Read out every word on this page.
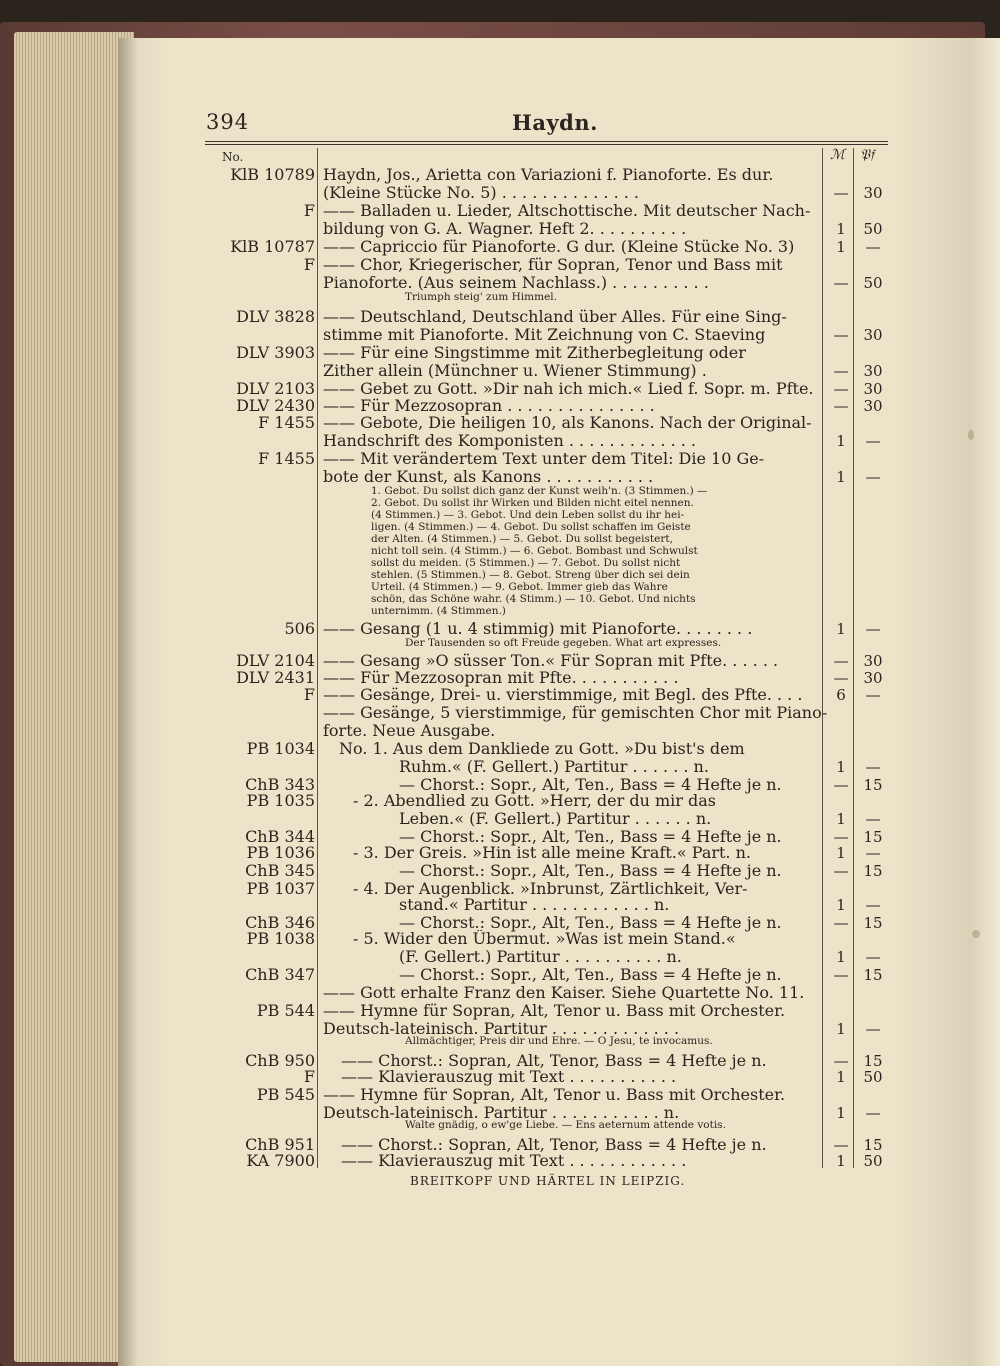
394	Haydn.
No.	ℳ 𝔓𝔣
KlB 10789 Haydn, Jos., Arietta con Variazioni f. Pianoforte. Es dur.
(Kleine Stücke No. 5) . . . . . . . . . . . . . .	— 30
F —— Balladen u. Lieder, Altschottische. Mit deutscher Nach-
bildung von G. A. Wagner. Heft 2. . . . . . . . . .	1	50
KlB 10787 —— Capriccio für Pianoforte. G dur. (Kleine Stücke No. 3)	1	—
F —— Chor, Kriegerischer, für Sopran, Tenor und Bass mit
Pianoforte. (Aus seinem Nachlass.) . . . . . . . . . .	— 50
Triumph steig' zum Himmel.
DLV 3828 —— Deutschland, Deutschland über Alles. Für eine Sing-
stimme mit Pianoforte. Mit Zeichnung von C. Staeving	— 30
DLV 3903 —— Für eine Singstimme mit Zitherbegleitung oder
Zither allein (Münchner u. Wiener Stimmung) .	— 30
DLV 2103 —— Gebet zu Gott. »Dir nah ich mich.« Lied f. Sopr. m. Pfte.	— 30
DLV 2430 —— Für Mezzosopran . . . . . . . . . . . . . . .	— 30
F 1455 —— Gebote, Die heiligen 10, als Kanons. Nach der Original-
Handschrift des Komponisten . . . . . . . . . . . . .	1	—
F 1455 —— Mit verändertem Text unter dem Titel: Die 10 Ge-
bote der Kunst, als Kanons . . . . . . . . . . .	1	—
1. Gebot. Du sollst dich ganz der Kunst weih'n. (3 Stimmen.) —
2. Gebot. Du sollst ihr Wirken und Bilden nicht eitel nennen.
(4 Stimmen.) — 3. Gebot. Und dein Leben sollst du ihr hei-
ligen. (4 Stimmen.) — 4. Gebot. Du sollst schaffen im Geiste
der Alten. (4 Stimmen.) — 5. Gebot. Du sollst begeistert,
nicht toll sein. (4 Stimm.) — 6. Gebot. Bombast und Schwulst
sollst du meiden. (5 Stimmen.) — 7. Gebot. Du sollst nicht
stehlen. (5 Stimmen.) — 8. Gebot. Streng über dich sei dein
Urteil. (4 Stimmen.) — 9. Gebot. Immer gieb das Wahre
schön, das Schöne wahr. (4 Stimm.) — 10. Gebot. Und nichts
unternimm. (4 Stimmen.)
506 —— Gesang (1 u. 4 stimmig) mit Pianoforte. . . . . . . .	1	—
Der Tausenden so oft Freude gegeben. What art expresses.
DLV 2104 —— Gesang »O süsser Ton.« Für Sopran mit Pfte. . . . . .	— 30
DLV 2431 —— Für Mezzosopran mit Pfte. . . . . . . . . . .	— 30
F —— Gesänge, Drei- u. vierstimmige, mit Begl. des Pfte. . . .	6	—
—— Gesänge, 5 vierstimmige, für gemischten Chor mit Piano-
forte. Neue Ausgabe.
PB 1034 No. 1. Aus dem Dankliede zu Gott. »Du bist's dem
Ruhm.« (F. Gellert.) Partitur . . . . . . n.	1	—
ChB 343	— Chorst.: Sopr., Alt, Ten., Bass = 4 Hefte je n.	— 15
PB 1035 - 2. Abendlied zu Gott. »Herr, der du mir das
Leben.« (F. Gellert.) Partitur . . . . . . n.	1	—
ChB 344	— Chorst.: Sopr., Alt, Ten., Bass = 4 Hefte je n.	— 15
PB 1036 - 3. Der Greis. »Hin ist alle meine Kraft.« Part. n.	1	—
ChB 345	— Chorst.: Sopr., Alt, Ten., Bass = 4 Hefte je n.	— 15
PB 1037 - 4. Der Augenblick. »Inbrunst, Zärtlichkeit, Ver-
stand.« Partitur . . . . . . . . . . . . n.	1	—
ChB 346	— Chorst.: Sopr., Alt, Ten., Bass = 4 Hefte je n.	— 15
PB 1038 - 5. Wider den Übermut. »Was ist mein Stand.«
(F. Gellert.) Partitur . . . . . . . . . . n.	1	—
ChB 347	— Chorst.: Sopr., Alt, Ten., Bass = 4 Hefte je n.	— 15
—— Gott erhalte Franz den Kaiser. Siehe Quartette No. 11.
PB 544 —— Hymne für Sopran, Alt, Tenor u. Bass mit Orchester.
Deutsch-lateinisch. Partitur . . . . . . . . . . . . .	1	—
Allmächtiger, Preis dir und Ehre. — O Jesu, te invocamus.
ChB 950 —— Chorst.: Sopran, Alt, Tenor, Bass = 4 Hefte je n.	— 15
F —— Klavierauszug mit Text . . . . . . . . . . .	1	50
PB 545 —— Hymne für Sopran, Alt, Tenor u. Bass mit Orchester.
Deutsch-lateinisch. Partitur . . . . . . . . . . . n.	1	—
Walte gnädig, o ew'ge Liebe. — Ens aeternum attende votis.
ChB 951 —— Chorst.: Sopran, Alt, Tenor, Bass = 4 Hefte je n.	— 15
KA 7900 —— Klavierauszug mit Text . . . . . . . . . . . .	1	50
BREITKOPF UND HÄRTEL IN LEIPZIG.
